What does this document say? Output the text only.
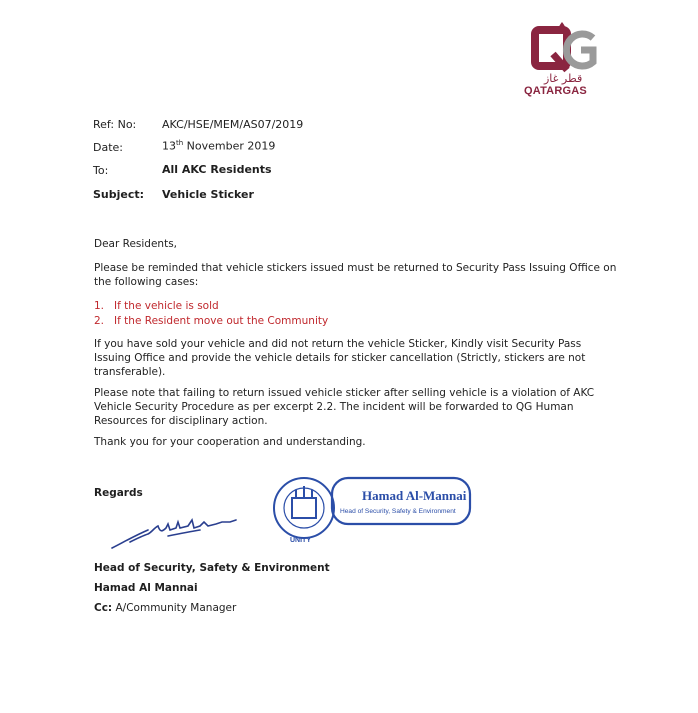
قطر غاز
QATARGAS
Ref: No: AKC/HSE/MEM/AS07/2019
Date:	13th November 2019
To:	All AKC Residents
Subject: Vehicle Sticker
Dear Residents,
Please be reminded that vehicle stickers issued must be returned to Security Pass Issuing Office on the following cases:
1. If the vehicle is sold
2. If the Resident move out the Community
If you have sold your vehicle and did not return the vehicle Sticker, Kindly visit Security Pass Issuing Office and provide the vehicle details for sticker cancellation (Strictly, stickers are not transferable).
Please note that failing to return issued vehicle sticker after selling vehicle is a violation of AKC Vehicle Security Procedure as per excerpt 2.2. The incident will be forwarded to QG Human Resources for disciplinary action.
Thank you for your cooperation and understanding.
Regards	Hamad Al-Mannai
Head of Security, Safety & Environment
UNITY
Head of Security, Safety & Environment
Hamad Al Mannai
Cc: A/Community Manager
